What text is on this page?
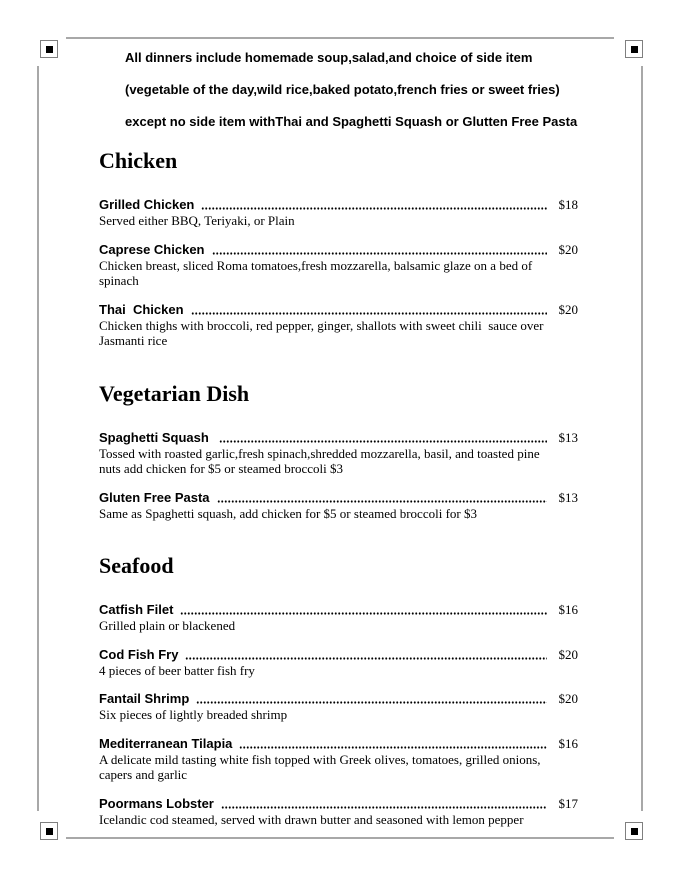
All dinners include homemade soup,salad,and choice of side item

(vegetable of the day,wild rice,baked potato,french fries or sweet fries)

except no side item withThai and Spaghetti Squash or Glutten Free Pasta
Chicken
Grilled Chicken	$18
Served either BBQ, Teriyaki, or Plain
Caprese Chicken	$20
Chicken breast, sliced Roma tomatoes,fresh mozzarella, balsamic glaze on a bed of spinach
Thai  Chicken	$20
Chicken thighs with broccoli, red pepper, ginger, shallots with sweet chili  sauce over Jasmanti rice
Vegetarian Dish
Spaghetti Squash	$13
Tossed with roasted garlic,fresh spinach,shredded mozzarella, basil, and toasted pine nuts add chicken for $5 or steamed broccoli $3
Gluten Free Pasta	$13
Same as Spaghetti squash, add chicken for $5 or steamed broccoli for $3
Seafood
Catfish Filet	$16
Grilled plain or blackened
Cod Fish Fry	$20
4 pieces of beer batter fish fry
Fantail Shrimp	$20
Six pieces of lightly breaded shrimp
Mediterranean Tilapia	$16
A delicate mild tasting white fish topped with Greek olives, tomatoes, grilled onions, capers and garlic
Poormans Lobster	$17
Icelandic cod steamed, served with drawn butter and seasoned with lemon pepper
